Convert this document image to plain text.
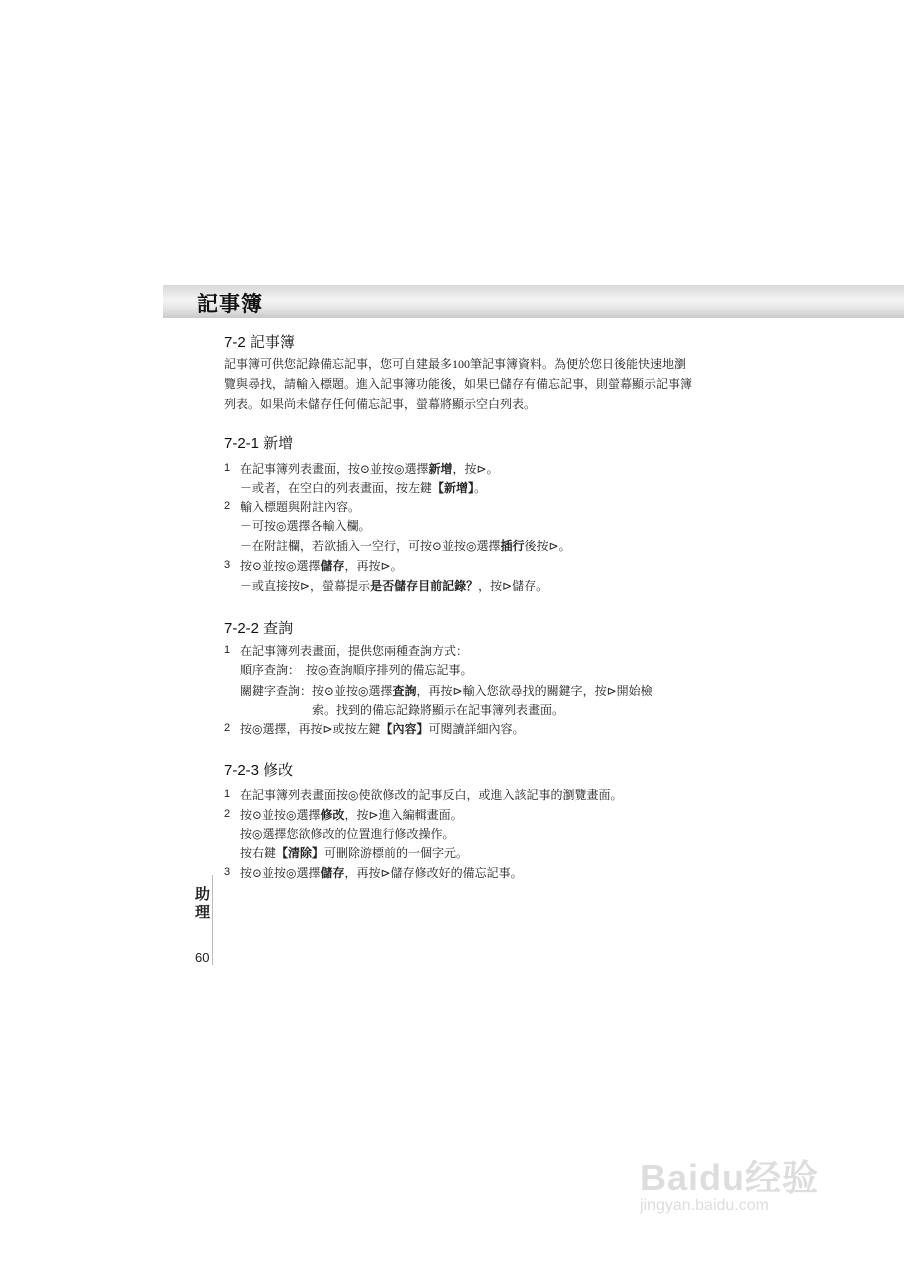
記事簿
7-2 記事簿
記事簿可供您記錄備忘記事，您可自建最多100筆記事簿資料。為便於您日後能快速地瀏
覽與尋找，請輸入標題。進入記事簿功能後，如果已儲存有備忘記事，則螢幕顯示記事簿
列表。如果尚未儲存任何備忘記事，螢幕將顯示空白列表。
7-2-1 新增
1 在記事簿列表畫面，按⊙並按◎選擇新增，按⊳。
－或者，在空白的列表畫面，按左鍵【新增】。
2 輸入標題與附註內容。
－可按◎選擇各輸入欄。
－在附註欄，若欲插入一空行，可按⊙並按◎選擇插行後按⊳。
3 按⊙並按◎選擇儲存，再按⊳。
－或直接按⊳，螢幕提示是否儲存目前記錄？，按⊳儲存。
7-2-2 查詢
1 在記事簿列表畫面，提供您兩種查詢方式：
順序查詢：　按◎查詢順序排列的備忘記事。
關鍵字查詢：按⊙並按◎選擇查詢，再按⊳輸入您欲尋找的關鍵字，按⊳開始檢
索。找到的備忘記錄將顯示在記事簿列表畫面。
2 按◎選擇，再按⊳或按左鍵【內容】可閱讀詳細內容。
7-2-3 修改
1 在記事簿列表畫面按◎使欲修改的記事反白，或進入該記事的瀏覽畫面。
2 按⊙並按◎選擇修改，按⊳進入編輯畫面。
按◎選擇您欲修改的位置進行修改操作。
按右鍵【清除】可刪除游標前的一個字元。
3 按⊙並按◎選擇儲存，再按⊳儲存修改好的備忘記事。
助理
60
Baidu经验
jingyan.baidu.com
